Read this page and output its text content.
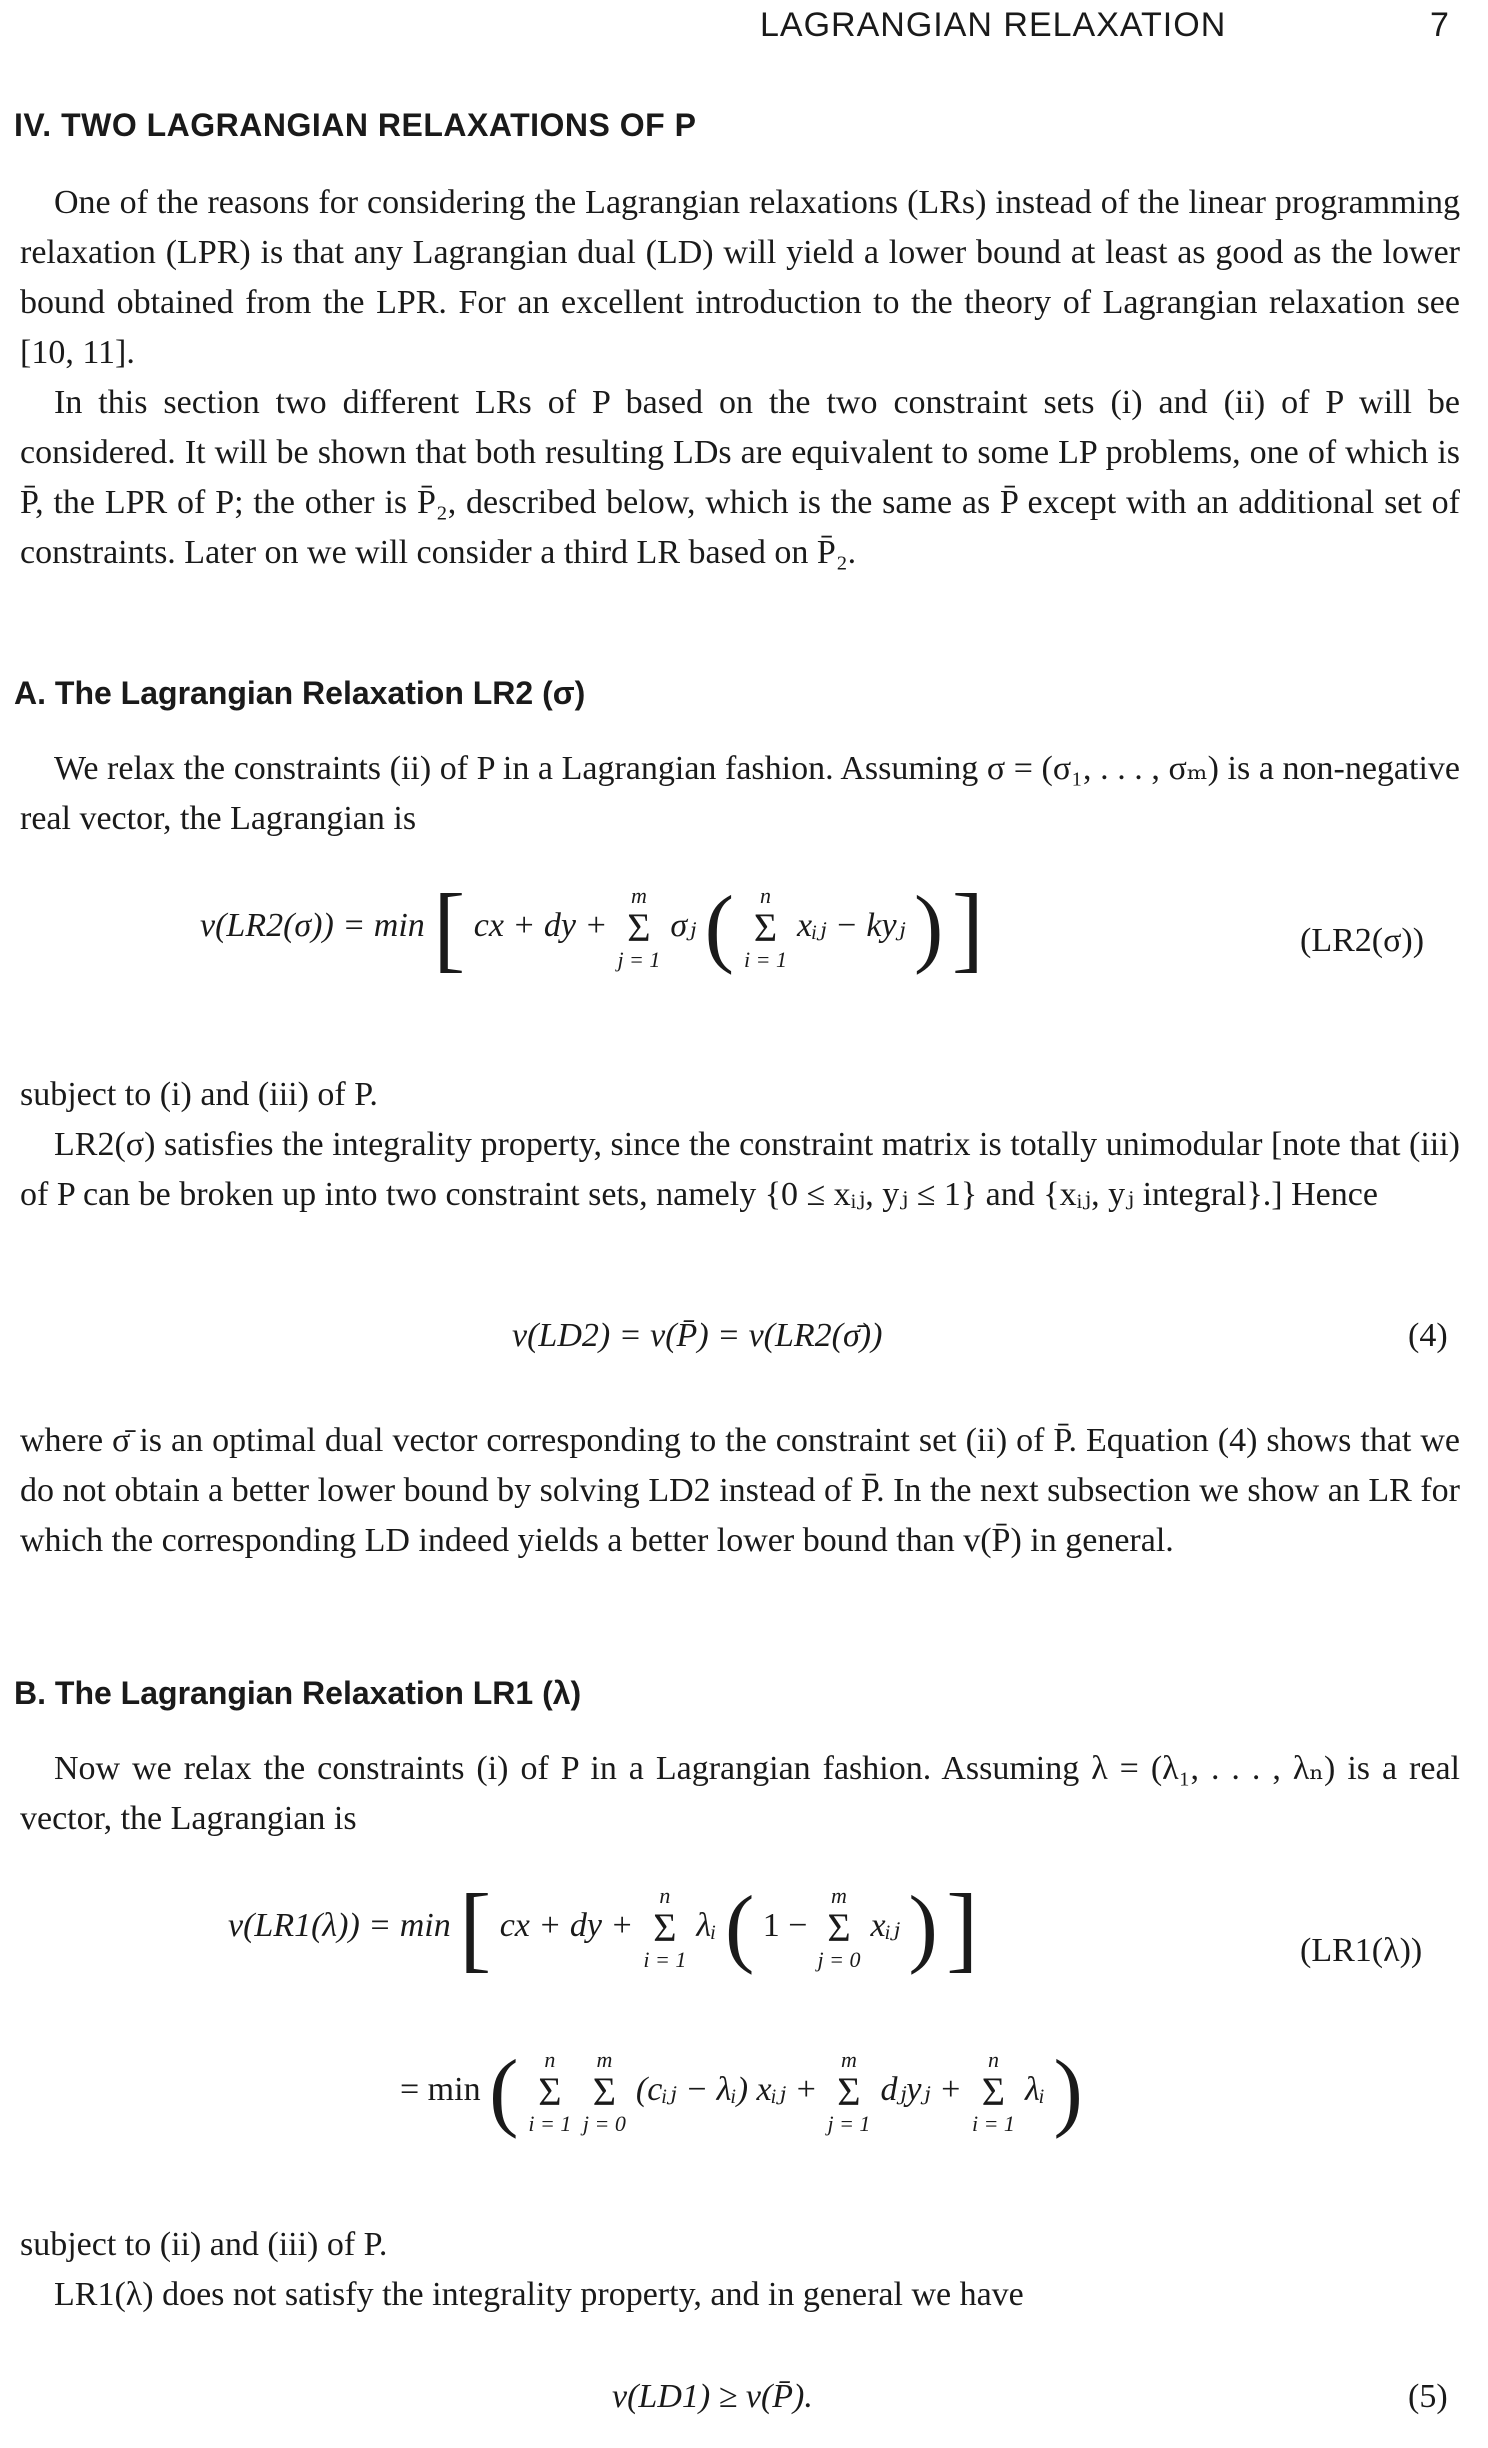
LAGRANGIAN RELAXATION	7
IV. TWO LAGRANGIAN RELAXATIONS OF P

One of the reasons for considering the Lagrangian relaxations (LRs) instead of the linear programming relaxation (LPR) is that any Lagrangian dual (LD) will yield a lower bound at least as good as the lower bound obtained from the LPR. For an excellent introduction to the theory of Lagrangian relaxation see [10, 11].

In this section two different LRs of P based on the two constraint sets (i) and (ii) of P will be considered. It will be shown that both resulting LDs are equivalent to some LP problems, one of which is P̄, the LPR of P; the other is P̄₂, described below, which is the same as P̄ except with an additional set of constraints. Later on we will consider a third LR based on P̄₂.

A. The Lagrangian Relaxation LR2 (σ)

We relax the constraints (ii) of P in a Lagrangian fashion. Assuming σ = (σ₁, . . . , σₘ) is a non-negative real vector, the Lagrangian is

v(LR2(σ)) = min [ cx + dy +
m
Σ
j = 1
σⱼ (	n
Σ
i = 1
xᵢⱼ − kyⱼ ) ]	(LR2(σ))

subject to (i) and (iii) of P.

LR2(σ) satisfies the integrality property, since the constraint matrix is totally unimodular [note that (iii) of P can be broken up into two constraint sets, namely {0 ≤ xᵢⱼ, yⱼ ≤ 1} and {xᵢⱼ, yⱼ integral}.] Hence

v(LD2) = v(P̄) = v(LR2(σ̄))	(4)

where σ̄ is an optimal dual vector corresponding to the constraint set (ii) of P̄. Equation (4) shows that we do not obtain a better lower bound by solving LD2 instead of P̄. In the next subsection we show an LR for which the corresponding LD indeed yields a better lower bound than v(P̄) in general.

B. The Lagrangian Relaxation LR1 (λ)

Now we relax the constraints (i) of P in a Lagrangian fashion. Assuming λ = (λ₁, . . . , λₙ) is a real vector, the Lagrangian is

v(LR1(λ)) = min [ cx + dy +
n
Σ
i = 1
λᵢ ( 1 −
m
Σ
j = 0
xᵢⱼ ) ]	(LR1(λ))
= min (	n
Σ
i = 1

m
Σ
j = 0
(cᵢⱼ − λᵢ) xᵢⱼ +
m
Σ
j = 1
dⱼyⱼ +
n
Σ
i = 1
λᵢ )

subject to (ii) and (iii) of P.

LR1(λ) does not satisfy the integrality property, and in general we have

v(LD1) ≥ v(P̄).	(5)
